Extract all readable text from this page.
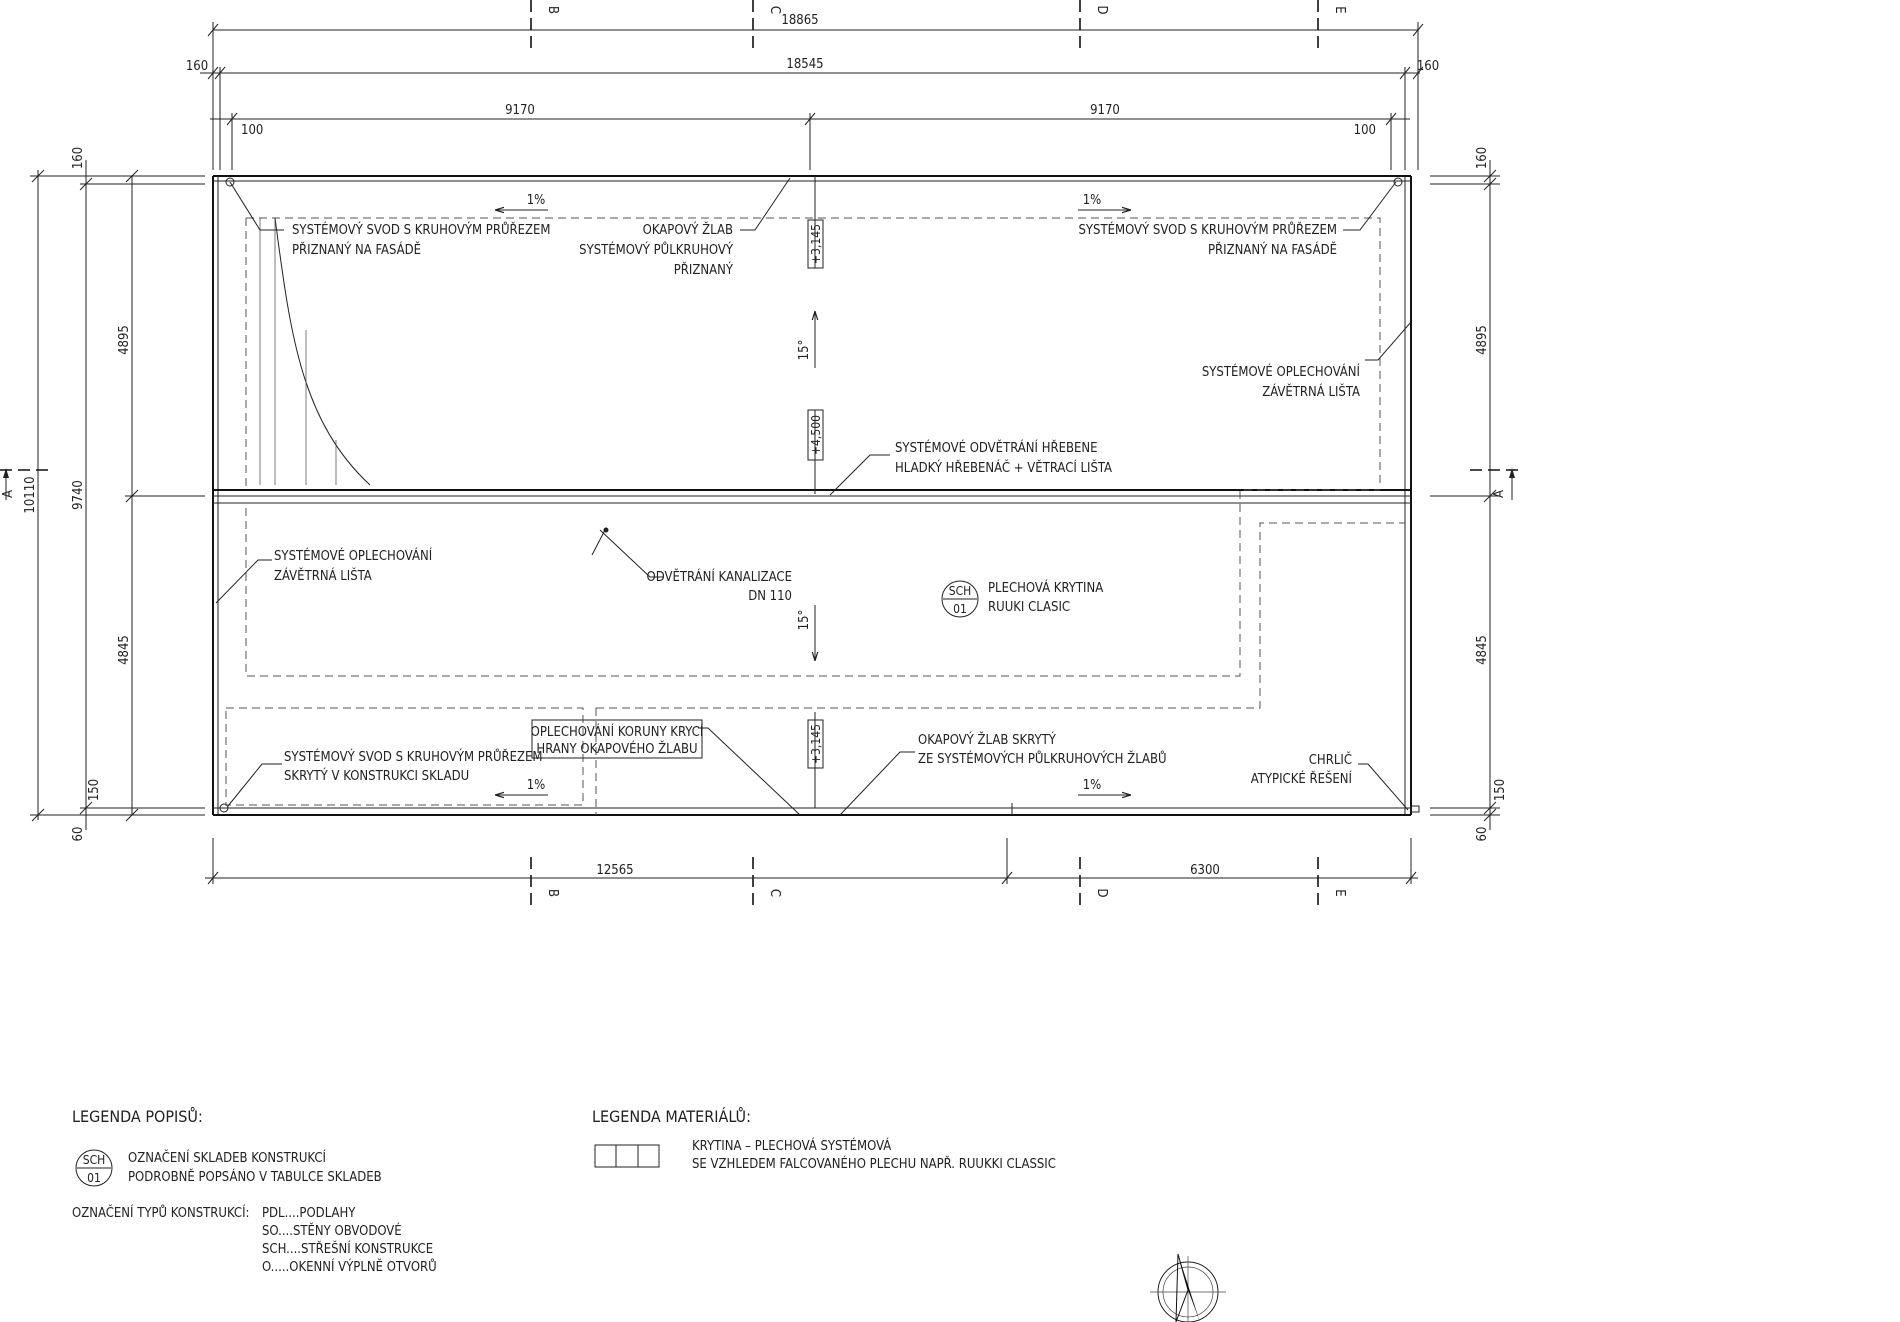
18865
18545
160	160
9170	9170
100	100
B	C	D	E
B	C	D	E
12565	6300
10110	9740
4895
4845
160
150
60
4895
4845
160
150
60
A	A
1%	1%
1%	1%
15°
15°
+3,145
+4,500
+3,145
SYSTÉMOVÝ SVOD S KRUHOVÝM PRŮŘEZEM
PŘIZNANÝ NA FASÁDĚ
OKAPOVÝ ŽLAB
SYSTÉMOVÝ PŮLKRUHOVÝ
PŘIZNANÝ
SYSTÉMOVÝ SVOD S KRUHOVÝM PRŮŘEZEM
PŘIZNANÝ NA FASÁDĚ
SYSTÉMOVÉ OPLECHOVÁNÍ
ZÁVĚTRNÁ LIŠTA
SYSTÉMOVÉ ODVĚTRÁNÍ HŘEBENE
HLADKÝ HŘEBENÁČ + VĚTRACÍ LIŠTA
SYSTÉMOVÉ OPLECHOVÁNÍ
ZÁVĚTRNÁ LIŠTA	ODVĚTRÁNÍ KANALIZACE
DN 110	SCH
01
PLECHOVÁ KRYTINA
RUUKI CLASIC
OPLECHOVÁNÍ KORUNY KRYCÍ
HRANY OKAPOVÉHO ŽLABU
SYSTÉMOVÝ SVOD S KRUHOVÝM PRŮŘEZEM
SKRYTÝ V KONSTRUKCI SKLADU
OKAPOVÝ ŽLAB SKRYTÝ
ZE SYSTÉMOVÝCH PŮLKRUHOVÝCH ŽLABŮ	CHRLIČ
ATYPICKÉ ŘEŠENÍ
LEGENDA POPISŮ:
SCH
01
OZNAČENÍ SKLADEB KONSTRUKCÍ
PODROBNĚ POPSÁNO V TABULCE SKLADEB
OZNAČENÍ TYPŮ KONSTRUKCÍ: PDL....PODLAHY
SO....STĚNY OBVODOVÉ
SCH....STŘEŠNÍ KONSTRUKCE
O.....OKENNÍ VÝPLNĚ OTVORŮ
LEGENDA MATERIÁLŮ:
KRYTINA – PLECHOVÁ SYSTÉMOVÁ
SE VZHLEDEM FALCOVANÉHO PLECHU NAPŘ. RUUKKI CLASSIC
